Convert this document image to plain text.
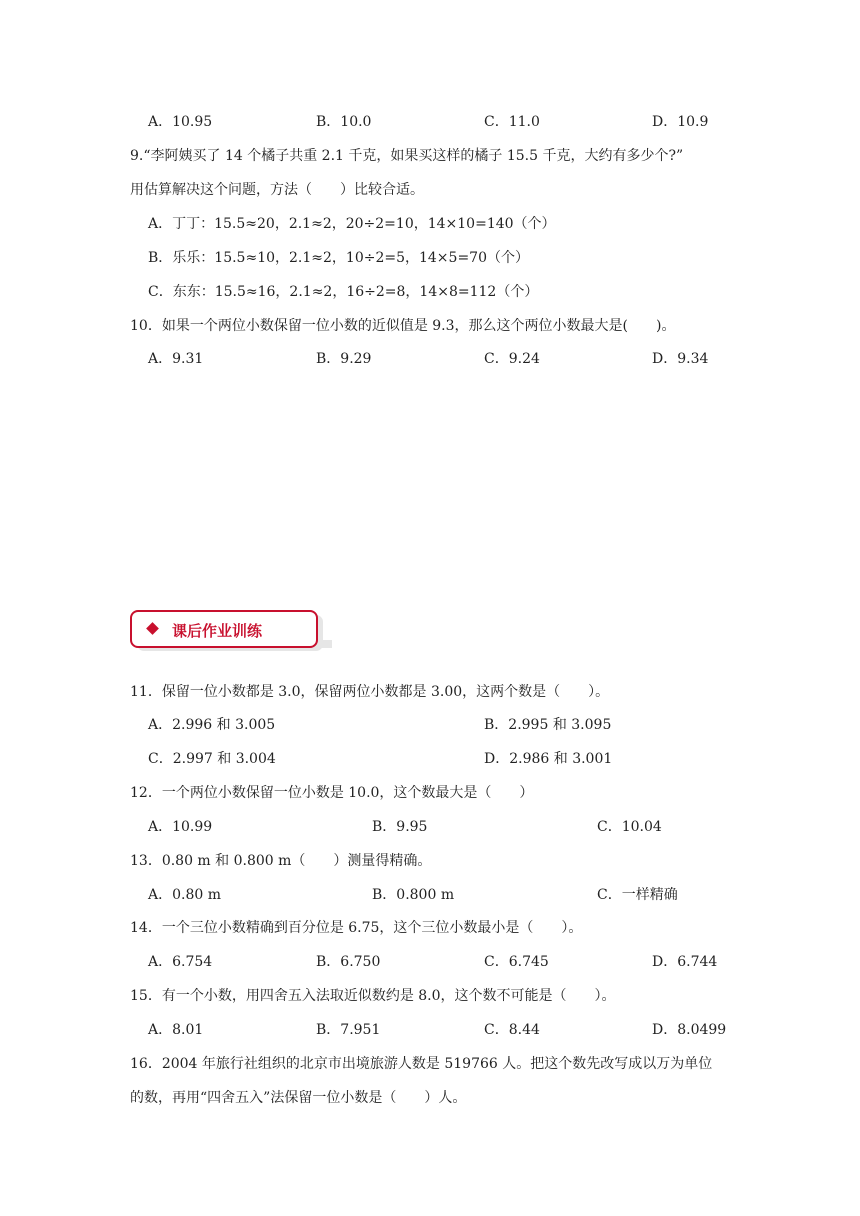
A．10.95	B．10.0	C．11.0	D．10.9
9.“李阿姨买了 14 个橘子共重 2.1 千克，如果买这样的橘子 15.5 千克，大约有多少个?”
用估算解决这个问题，方法（　　）比较合适。
A．丁丁：15.5≈20，2.1≈2，20÷2=10，14×10=140（个）
B．乐乐：15.5≈10，2.1≈2，10÷2=5，14×5=70（个）
C．东东：15.5≈16，2.1≈2，16÷2=8，14×8=112（个）
10．如果一个两位小数保留一位小数的近似值是 9.3，那么这个两位小数最大是(　　)。
A．9.31	B．9.29	C．9.24	D．9.34
课后作业训练
11．保留一位小数都是 3.0，保留两位小数都是 3.00，这两个数是（　　）。
A．2.996 和 3.005	B．2.995 和 3.095
C．2.997 和 3.004	D．2.986 和 3.001
12．一个两位小数保留一位小数是 10.0，这个数最大是（　　）
A．10.99	B．9.95	C．10.04
13．0.80 m 和 0.800 m（　　）测量得精确。
A．0.80 m	B．0.800 m	C．一样精确
14．一个三位小数精确到百分位是 6.75，这个三位小数最小是（　　）。
A．6.754	B．6.750	C．6.745	D．6.744
15．有一个小数，用四舍五入法取近似数约是 8.0，这个数不可能是（　　）。
A．8.01	B．7.951	C．8.44	D．8.0499
16．2004 年旅行社组织的北京市出境旅游人数是 519766 人。把这个数先改写成以万为单位
的数，再用“四舍五入”法保留一位小数是（　　）人。
